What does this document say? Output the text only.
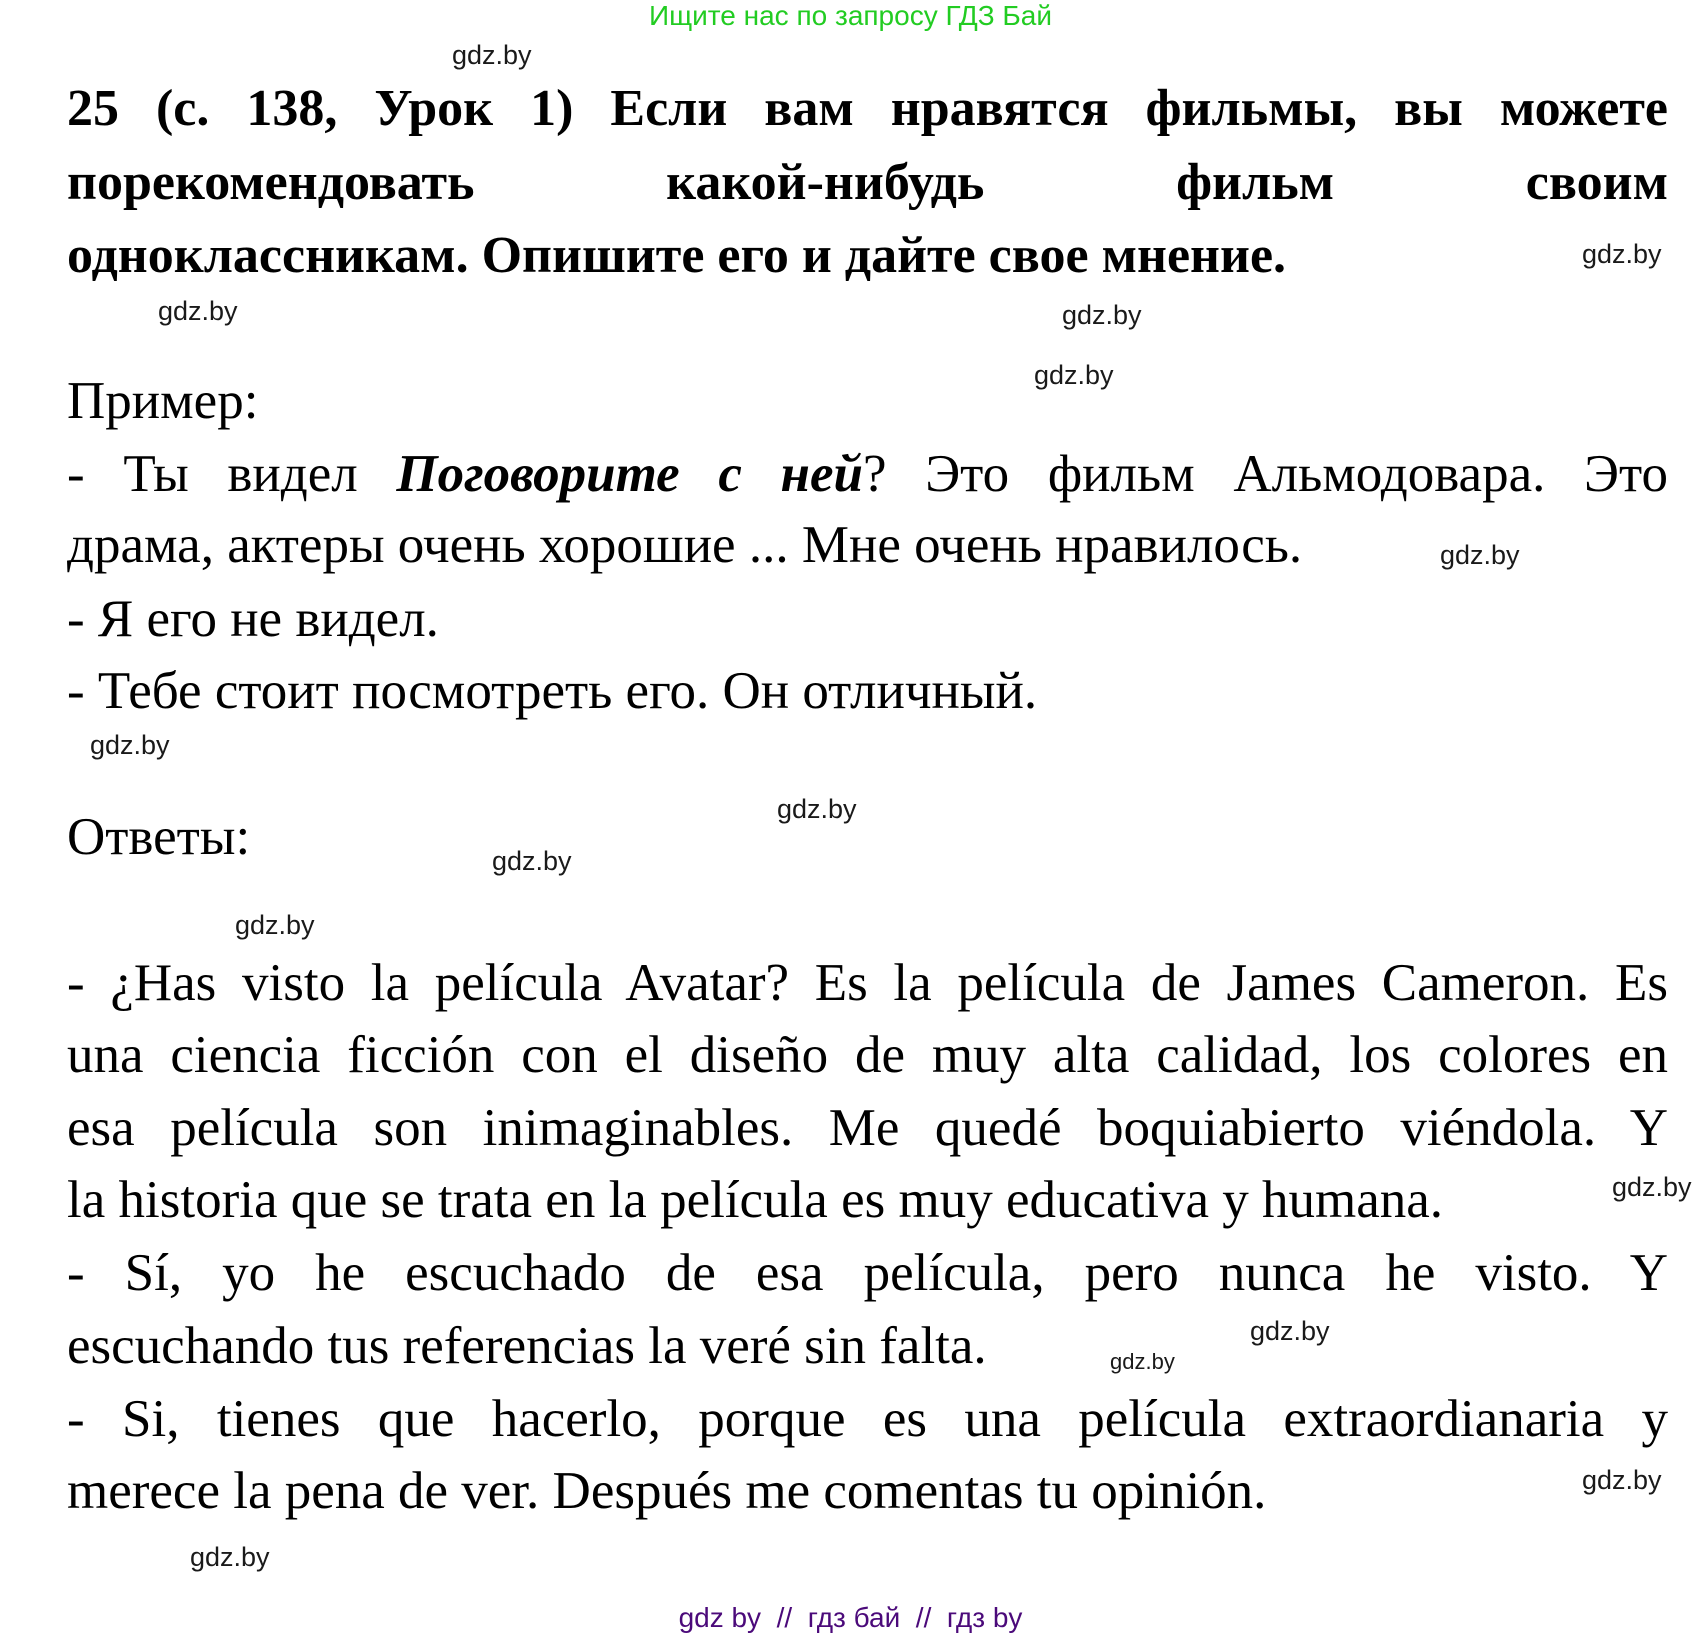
Ищите нас по запросу ГДЗ Бай
25 (с. 138, Урок 1) Если вам нравятся фильмы, вы можете
порекомендовать какой-нибудь фильм своим
одноклассникам. Опишите его и дайте свое мнение.
Пример:
- Ты видел Поговорите с ней? Это фильм Альмодовара. Это
драма, актеры очень хорошие ... Мне очень нравилось.
- Я его не видел.
- Тебе стоит посмотреть его. Он отличный.
Ответы:
- ¿Has visto la película Avatar? Es la película de James Cameron. Es
una ciencia ficción con el diseño de muy alta calidad, los colores en
esa película son inimaginables. Me quedé boquiabierto viéndola. Y
la historia que se trata en la película es muy educativa y humana.
- Sí, yo he escuchado de esa película, pero nunca he visto. Y
escuchando tus referencias la veré sin falta.
- Si, tienes que hacerlo, porque es una película extraordianaria y
merece la pena de ver. Después me comentas tu opinión.
gdz.by
gdz.by
gdz.by
gdz.by
gdz.by
gdz.by
gdz.by
gdz.by
gdz.by
gdz.by
gdz.by
gdz.by
gdz.by
gdz.by
gdz.by
gdz by  //  гдз бай  //  гдз by
